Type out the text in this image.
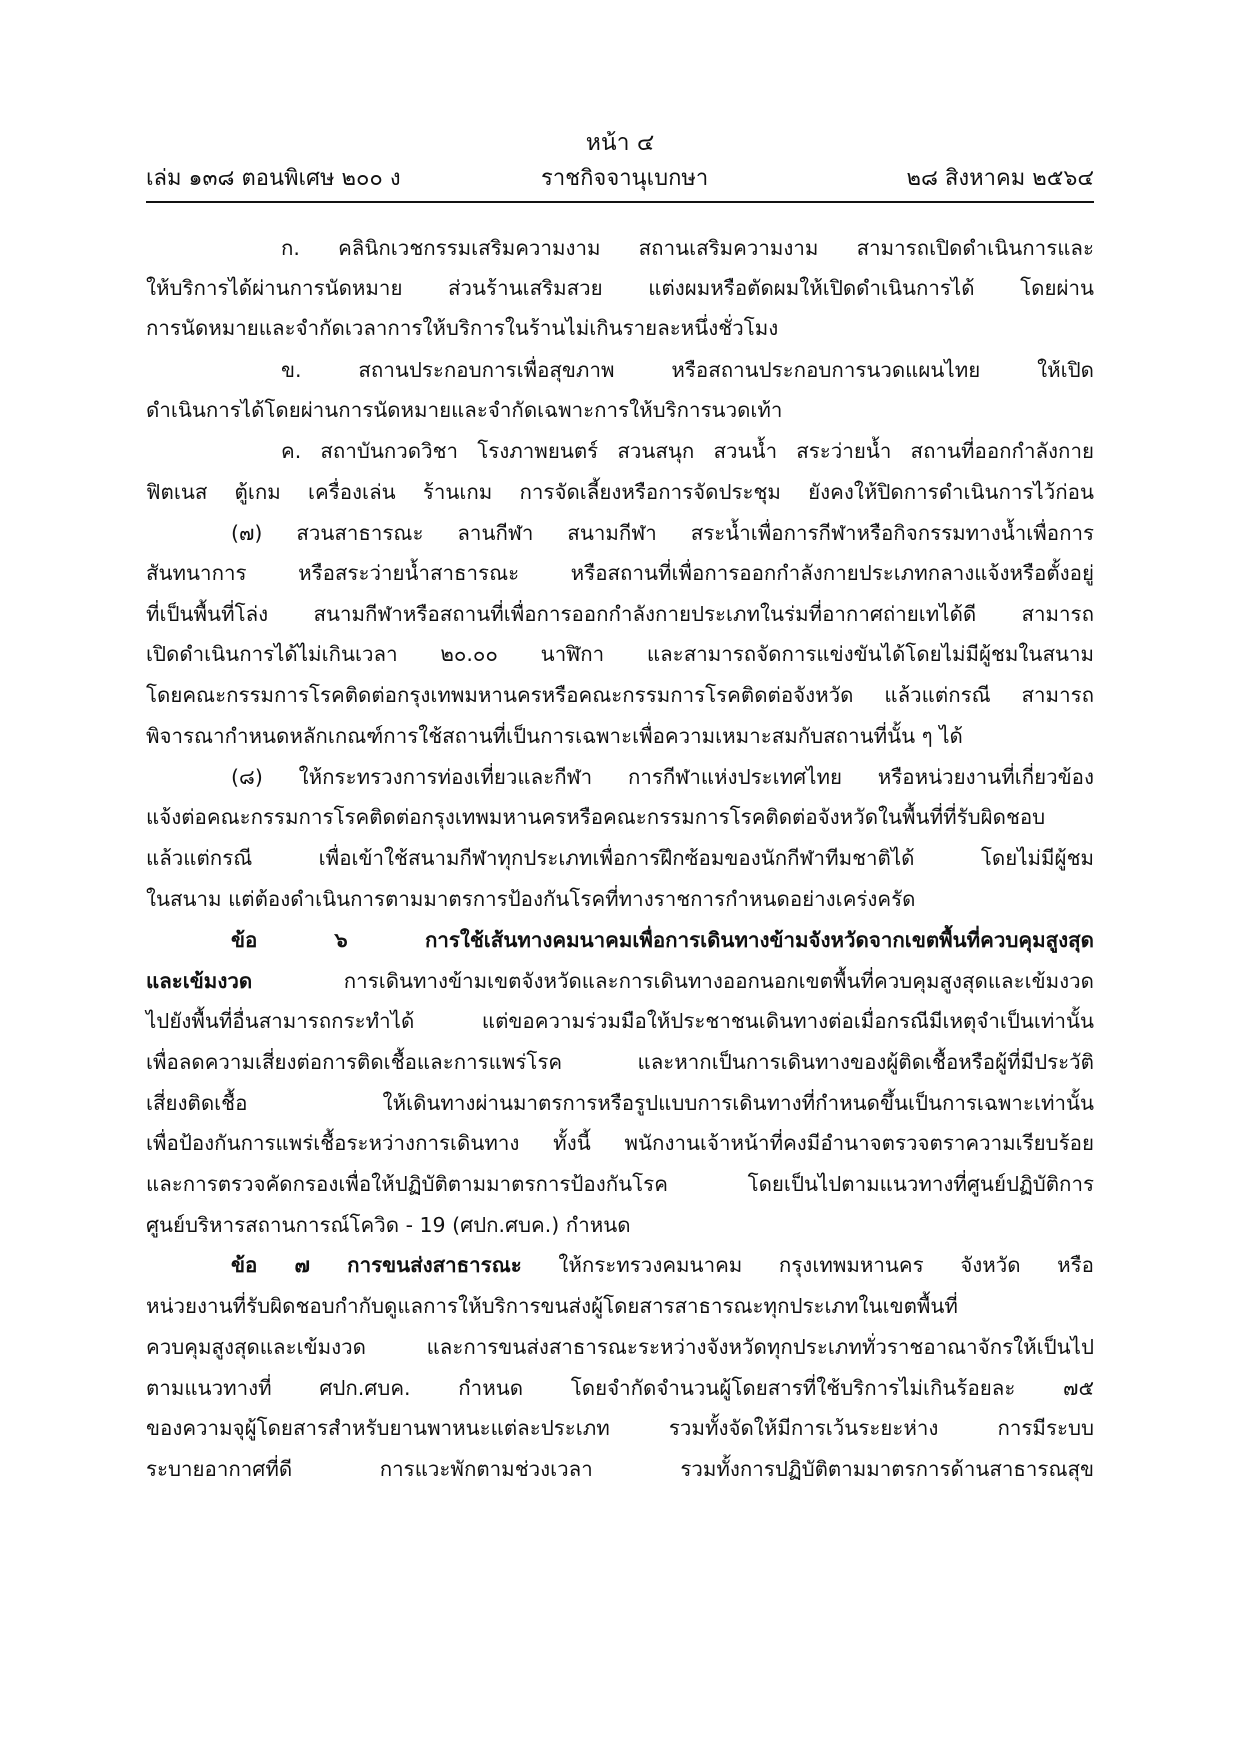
หน้า ๔
เล่ม ๑๓๘ ตอนพิเศษ ๒๐๐ ง	ราชกิจจานุเบกษา	๒๘ สิงหาคม ๒๕๖๔
ก. คลินิกเวชกรรมเสริมความงาม สถานเสริมความงาม สามารถเปิดดำเนินการและ
ให้บริการได้ผ่านการนัดหมาย ส่วนร้านเสริมสวย แต่งผมหรือตัดผมให้เปิดดำเนินการได้ โดยผ่าน
การนัดหมายและจำกัดเวลาการให้บริการในร้านไม่เกินรายละหนึ่งชั่วโมง
ข. สถานประกอบการเพื่อสุขภาพ หรือสถานประกอบการนวดแผนไทย ให้เปิด
ดำเนินการได้โดยผ่านการนัดหมายและจำกัดเฉพาะการให้บริการนวดเท้า
ค. สถาบันกวดวิชา โรงภาพยนตร์ สวนสนุก สวนน้ำ สระว่ายน้ำ สถานที่ออกกำลังกาย
ฟิตเนส ตู้เกม เครื่องเล่น ร้านเกม การจัดเลี้ยงหรือการจัดประชุม ยังคงให้ปิดการดำเนินการไว้ก่อน
(๗) สวนสาธารณะ ลานกีฬา สนามกีฬา สระน้ำเพื่อการกีฬาหรือกิจกรรมทางน้ำเพื่อการ
สันทนาการ หรือสระว่ายน้ำสาธารณะ หรือสถานที่เพื่อการออกกำลังกายประเภทกลางแจ้งหรือตั้งอยู่
ที่เป็นพื้นที่โล่ง สนามกีฬาหรือสถานที่เพื่อการออกกำลังกายประเภทในร่มที่อากาศถ่ายเทได้ดี สามารถ
เปิดดำเนินการได้ไม่เกินเวลา ๒๐.๐๐ นาฬิกา และสามารถจัดการแข่งขันได้โดยไม่มีผู้ชมในสนาม
โดยคณะกรรมการโรคติดต่อกรุงเทพมหานครหรือคณะกรรมการโรคติดต่อจังหวัด แล้วแต่กรณี สามารถ
พิจารณากำหนดหลักเกณฑ์การใช้สถานที่เป็นการเฉพาะเพื่อความเหมาะสมกับสถานที่นั้น ๆ ได้
(๘) ให้กระทรวงการท่องเที่ยวและกีฬา การกีฬาแห่งประเทศไทย หรือหน่วยงานที่เกี่ยวข้อง
แจ้งต่อคณะกรรมการโรคติดต่อกรุงเทพมหานครหรือคณะกรรมการโรคติดต่อจังหวัดในพื้นที่ที่รับผิดชอบ
แล้วแต่กรณี เพื่อเข้าใช้สนามกีฬาทุกประเภทเพื่อการฝึกซ้อมของนักกีฬาทีมชาติได้ โดยไม่มีผู้ชม
ในสนาม แต่ต้องดำเนินการตามมาตรการป้องกันโรคที่ทางราชการกำหนดอย่างเคร่งครัด
ข้อ ๖ การใช้เส้นทางคมนาคมเพื่อการเดินทางข้ามจังหวัดจากเขตพื้นที่ควบคุมสูงสุด
และเข้มงวด การเดินทางข้ามเขตจังหวัดและการเดินทางออกนอกเขตพื้นที่ควบคุมสูงสุดและเข้มงวด
ไปยังพื้นที่อื่นสามารถกระทำได้ แต่ขอความร่วมมือให้ประชาชนเดินทางต่อเมื่อกรณีมีเหตุจำเป็นเท่านั้น
เพื่อลดความเสี่ยงต่อการติดเชื้อและการแพร่โรค และหากเป็นการเดินทางของผู้ติดเชื้อหรือผู้ที่มีประวัติ
เสี่ยงติดเชื้อ ให้เดินทางผ่านมาตรการหรือรูปแบบการเดินทางที่กำหนดขึ้นเป็นการเฉพาะเท่านั้น
เพื่อป้องกันการแพร่เชื้อระหว่างการเดินทาง ทั้งนี้ พนักงานเจ้าหน้าที่คงมีอำนาจตรวจตราความเรียบร้อย
และการตรวจคัดกรองเพื่อให้ปฏิบัติตามมาตรการป้องกันโรค โดยเป็นไปตามแนวทางที่ศูนย์ปฏิบัติการ
ศูนย์บริหารสถานการณ์โควิด - 19 (ศปก.ศบค.) กำหนด
ข้อ ๗ การขนส่งสาธารณะ ให้กระทรวงคมนาคม กรุงเทพมหานคร จังหวัด หรือ
หน่วยงานที่รับผิดชอบกำกับดูแลการให้บริการขนส่งผู้โดยสารสาธารณะทุกประเภทในเขตพื้นที่
ควบคุมสูงสุดและเข้มงวด และการขนส่งสาธารณะระหว่างจังหวัดทุกประเภททั่วราชอาณาจักรให้เป็นไป
ตามแนวทางที่ ศปก.ศบค. กำหนด โดยจำกัดจำนวนผู้โดยสารที่ใช้บริการไม่เกินร้อยละ ๗๕
ของความจุผู้โดยสารสำหรับยานพาหนะแต่ละประเภท รวมทั้งจัดให้มีการเว้นระยะห่าง การมีระบบ
ระบายอากาศที่ดี การแวะพักตามช่วงเวลา รวมทั้งการปฏิบัติตามมาตรการด้านสาธารณสุข
